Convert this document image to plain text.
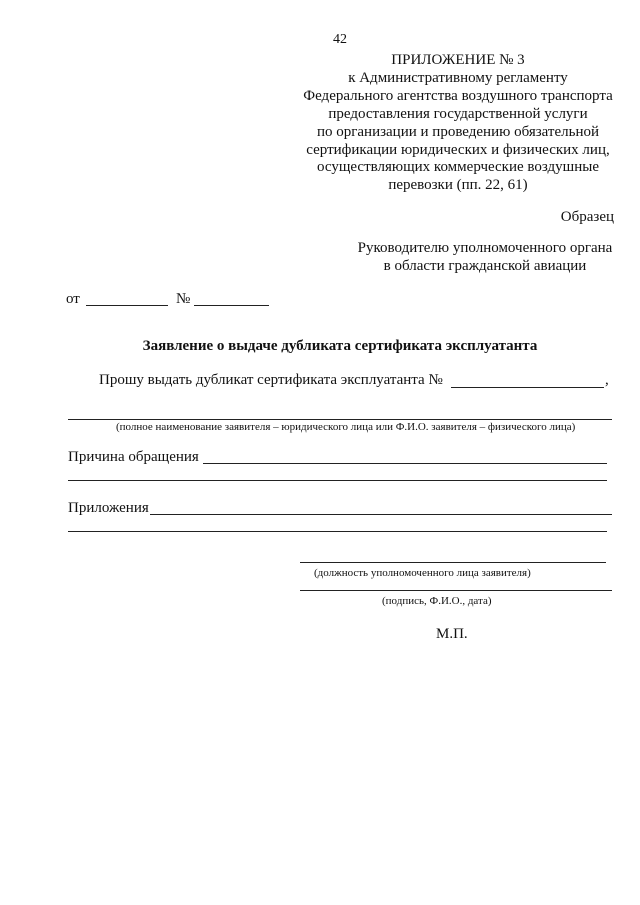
42
ПРИЛОЖЕНИЕ № 3
к Административному регламенту
Федерального агентства воздушного транспорта
предоставления государственной услуги
по организации и проведению обязательной
сертификации юридических и физических лиц,
осуществляющих коммерческие воздушные
перевозки (пп. 22, 61)
Образец
Руководителю уполномоченного органа
в области гражданской авиации
от	№
Заявление о выдаче дубликата сертификата эксплуатанта
Прошу выдать дубликат сертификата эксплуатанта №	,
(полное наименование заявителя – юридического лица или Ф.И.О. заявителя – физического лица)
Причина обращения
Приложения
(должность уполномоченного лица заявителя)
(подпись, Ф.И.О., дата)
М.П.
